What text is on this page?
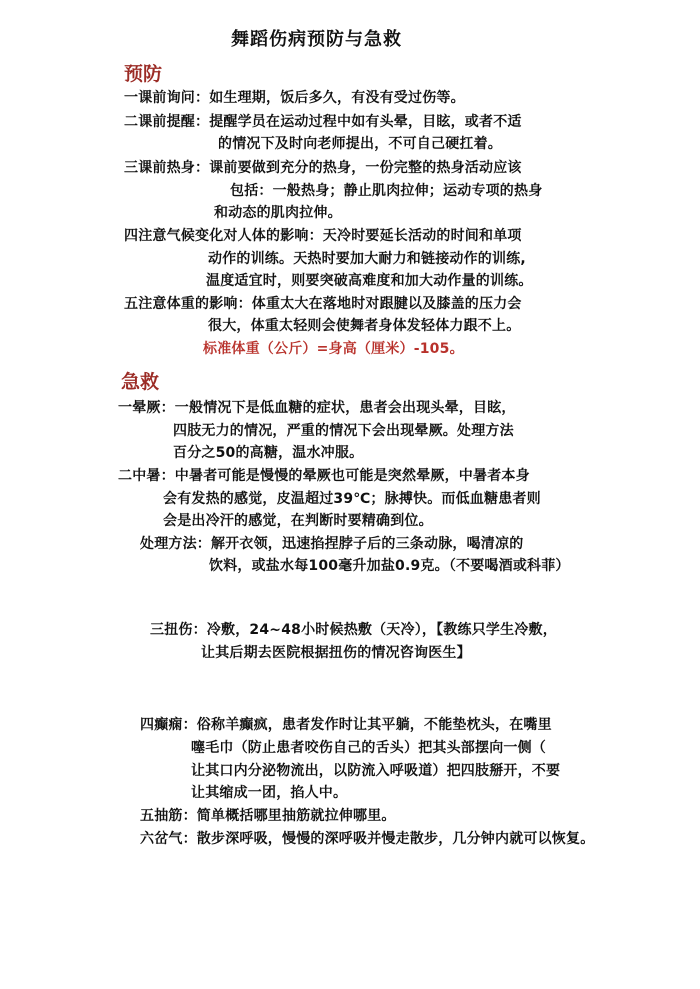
舞蹈伤病预防与急救
预防
一课前询问：如生理期，饭后多久，有没有受过伤等。
二课前提醒：提醒学员在运动过程中如有头晕，目眩，或者不适
的情况下及时向老师提出，不可自己硬扛着。
三课前热身：课前要做到充分的热身，一份完整的热身活动应该
包括：一般热身；静止肌肉拉伸；运动专项的热身
和动态的肌肉拉伸。
四注意气候变化对人体的影响：天冷时要延长活动的时间和单项
动作的训练。天热时要加大耐力和链接动作的训练,
温度适宜时，则要突破高难度和加大动作量的训练。
五注意体重的影响：体重太大在落地时对跟腱以及膝盖的压力会
很大，体重太轻则会使舞者身体发轻体力跟不上。
标准体重（公斤）=身高（厘米）-105。
急救
一晕厥：一般情况下是低血糖的症状，患者会出现头晕，目眩，
四肢无力的情况，严重的情况下会出现晕厥。处理方法
百分之50的高糖，温水冲服。
二中暑：中暑者可能是慢慢的晕厥也可能是突然晕厥，中暑者本身
会有发热的感觉，皮温超过39℃；脉搏快。而低血糖患者则
会是出冷汗的感觉，在判断时要精确到位。
处理方法：解开衣领，迅速掐捏脖子后的三条动脉，喝清凉的
饮料，或盐水每100毫升加盐0.9克。（不要喝酒或科菲）
三扭伤：冷敷，24~48小时候热敷（天冷），【教练只学生冷敷，
让其后期去医院根据扭伤的情况咨询医生】
四癫痫：俗称羊癫疯，患者发作时让其平躺，不能垫枕头，在嘴里
噻毛巾（防止患者咬伤自己的舌头）把其头部摆向一侧（
让其口内分泌物流出，以防流入呼吸道）把四肢掰开，不要
让其缩成一团，掐人中。
五抽筋：简单概括哪里抽筋就拉伸哪里。
六岔气：散步深呼吸，慢慢的深呼吸并慢走散步，几分钟内就可以恢复。
